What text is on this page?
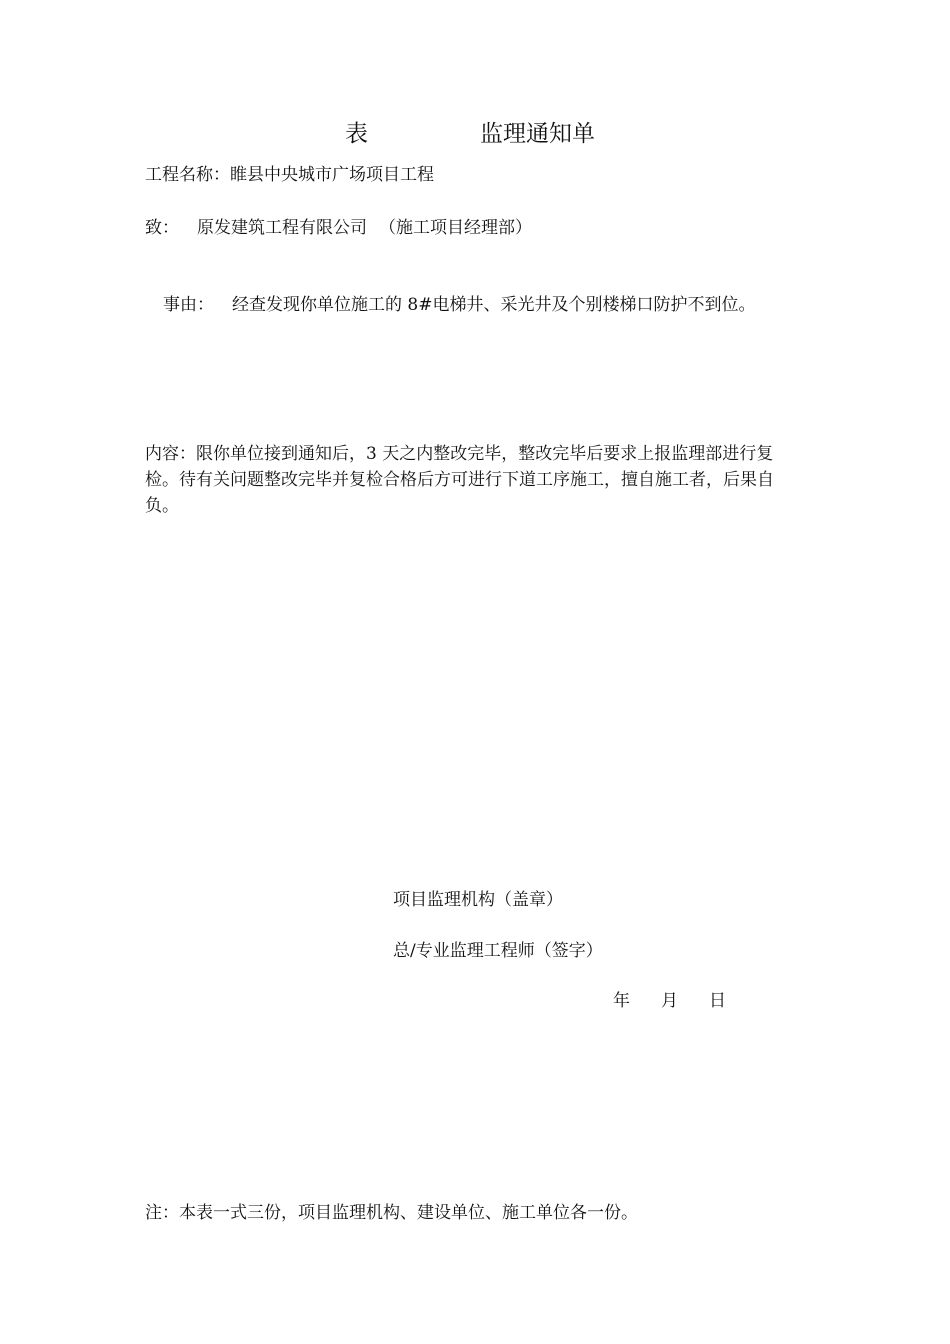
表	监理通知单
工程名称：睢县中央城市广场项目工程
致： 原发建筑工程有限公司 （施工项目经理部）
事由： 经查发现你单位施工的 8#电梯井、采光井及个别楼梯口防护不到位。
内容：限你单位接到通知后，3 天之内整改完毕，整改完毕后要求上报监理部进行复检。待有关问题整改完毕并复检合格后方可进行下道工序施工，擅自施工者，后果自负。
项目监理机构（盖章）
总/专业监理工程师（签字）
年 月 日
注：本表一式三份，项目监理机构、建设单位、施工单位各一份。
